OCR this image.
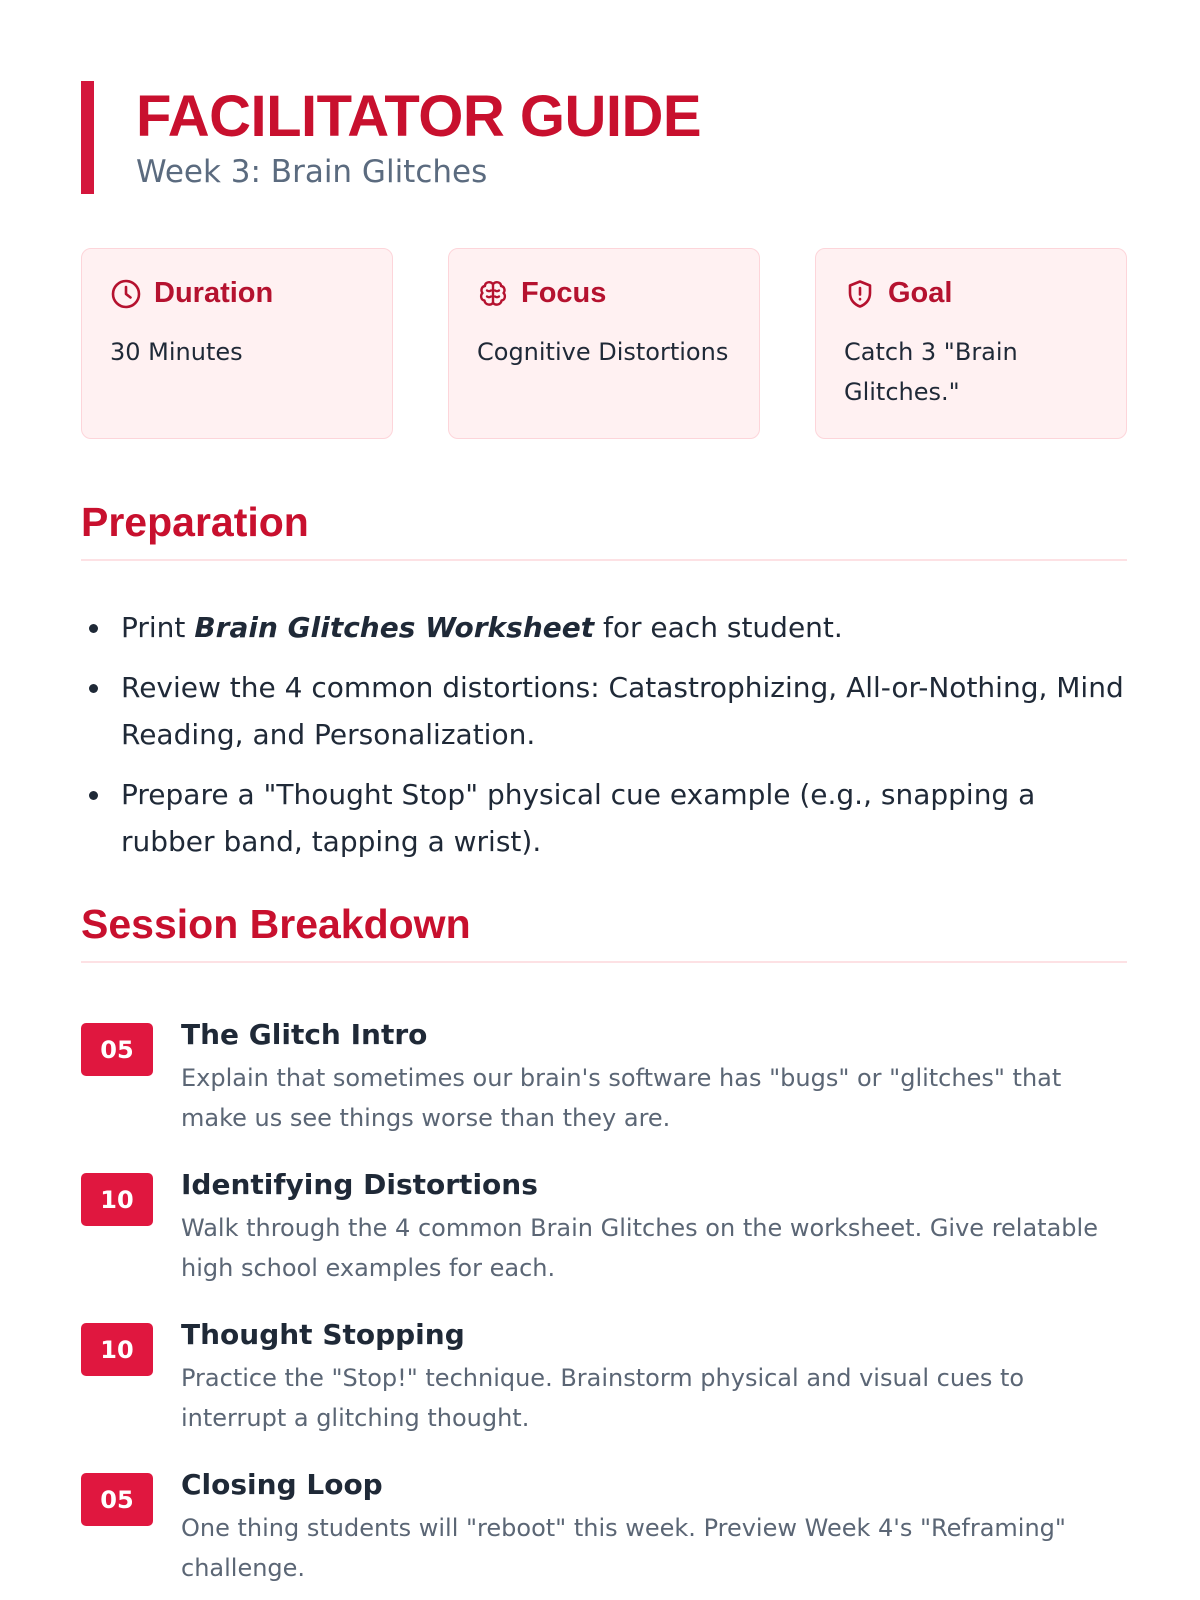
FACILITATOR GUIDE
Week 3: Brain Glitches
Duration
30 Minutes
Focus
Cognitive Distortions
Goal
Catch 3 "Brain Glitches."
Preparation
Print Brain Glitches Worksheet for each student.
Review the 4 common distortions: Catastrophizing, All-or-Nothing, Mind Reading, and Personalization.
Prepare a "Thought Stop" physical cue example (e.g., snapping a rubber band, tapping a wrist).
Session Breakdown
05	The Glitch Intro
Explain that sometimes our brain's software has "bugs" or "glitches" that make us see things worse than they are.
10	Identifying Distortions
Walk through the 4 common Brain Glitches on the worksheet. Give relatable high school examples for each.
10	Thought Stopping
Practice the "Stop!" technique. Brainstorm physical and visual cues to interrupt a glitching thought.
05	Closing Loop
One thing students will "reboot" this week. Preview Week 4's "Reframing" challenge.
